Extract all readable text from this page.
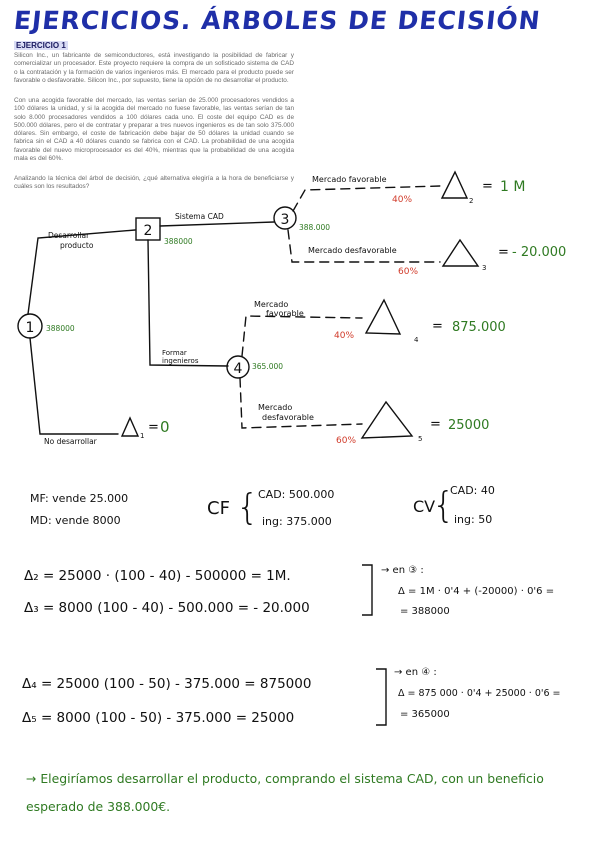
EJERCICIOS. ÁRBOLES DE DECISIÓN
EJERCICIO 1

Silicon Inc., un fabricante de semiconductores, está investigando la posibilidad de fabricar y comercializar un procesador. Este proyecto requiere la compra de un sofisticado sistema de CAD o la contratación y la formación de varios ingenieros más. El mercado para el producto puede ser favorable o desfavorable. Silicon Inc., por supuesto, tiene la opción de no desarrollar el producto.

Con una acogida favorable del mercado, las ventas serían de 25.000 procesadores vendidos a 100 dólares la unidad, y si la acogida del mercado no fuese favorable, las ventas serían de tan solo 8.000 procesadores vendidos a 100 dólares cada uno. El coste del equipo CAD es de 500.000 dólares, pero el de contratar y preparar a tres nuevos ingenieros es de tan solo 375.000 dólares. Sin embargo, el coste de fabricación debe bajar de 50 dólares la unidad cuando se fabrica sin el CAD a 40 dólares cuando se fabrica con el CAD. La probabilidad de una acogida favorable del nuevo microprocesador es del 40%, mientras que la probabilidad de una acogida mala es del 60%.

Analizando la técnica del árbol de decisión, ¿qué alternativa elegiría a la hora de beneficiarse y cuáles son los resultados?

1
2
3
4
388000
388000
388.000
365.000
Desarrollar
producto
No desarrollar
Sistema CAD
Formar
ingenieros
Mercado favorable
Mercado desfavorable
Mercado
favorable
Mercado
desfavorable
40%
60%
40%
60%
1
2
3
4
5
= 0
= 1 M
= - 20.000
= 875.000
= 25000
MF: vende 25.000
MD: vende 8000
CF { CAD: 500.000
ing: 375.000
CV
{
CAD: 40
ing: 50
Δ₂ = 25000 · (100 - 40) - 500000 = 1M.
Δ₃ = 8000 (100 - 40) - 500.000 = - 20.000
→ en ③ :
Δ = 1M · 0'4 + (-20000) · 0'6 =
= 388000
Δ₄ = 25000 (100 - 50) - 375.000 = 875000
Δ₅ = 8000 (100 - 50) - 375.000 = 25000
→ en ④ :
Δ = 875 000 · 0'4 + 25000 · 0'6 =
= 365000
→ Elegiríamos desarrollar el producto, comprando el sistema CAD, con un beneficio esperado de 388.000€.
